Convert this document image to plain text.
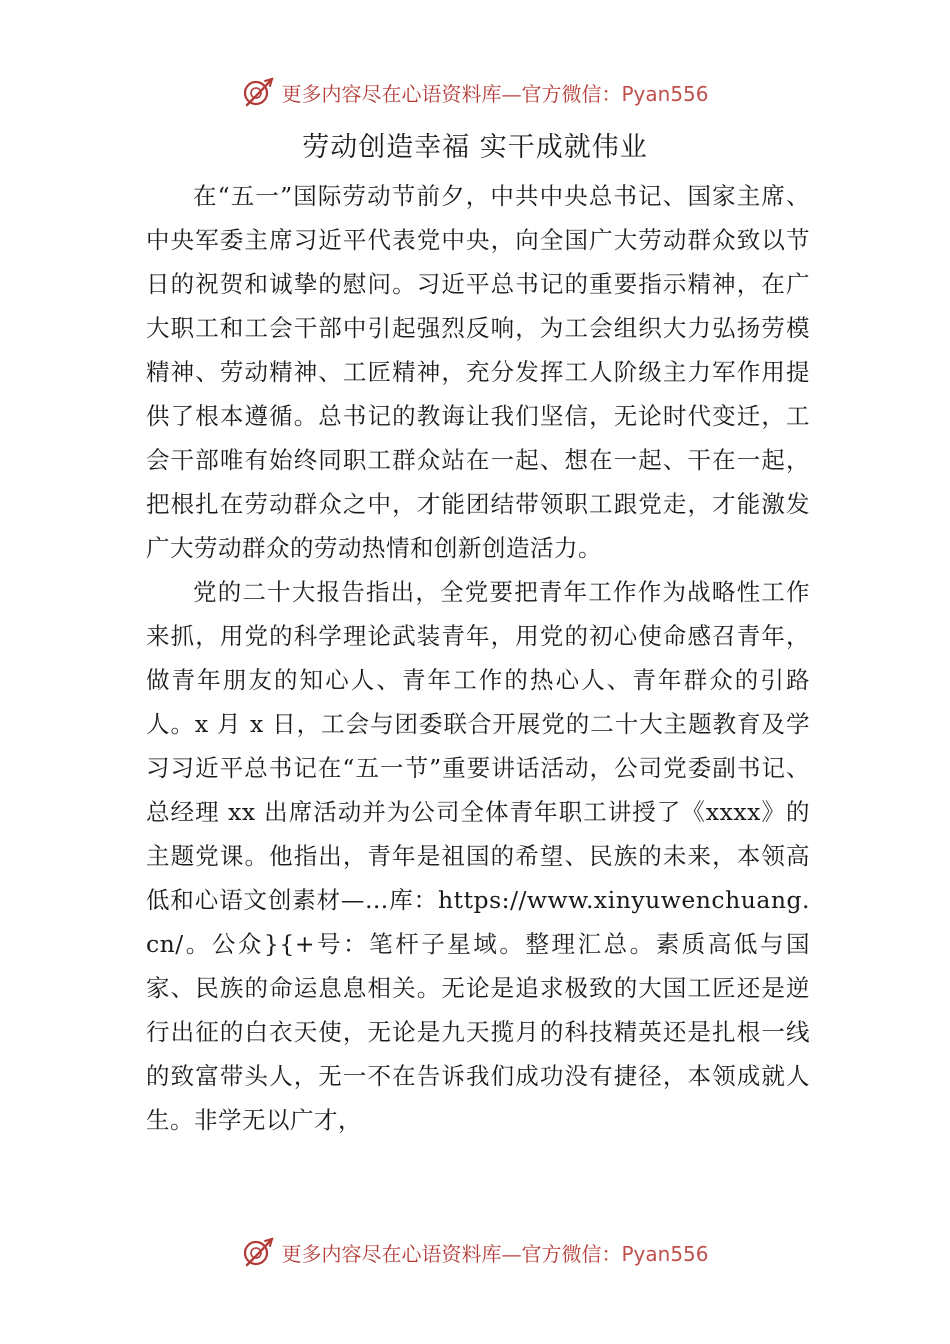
更多内容尽在心语资料库—官方微信：Pyan556
劳动创造幸福 实干成就伟业

在“五一”国际劳动节前夕，中共中央总书记、国家主席、中央军委主席习近平代表党中央，向全国广大劳动群众致以节日的祝贺和诚挚的慰问。习近平总书记的重要指示精神，在广大职工和工会干部中引起强烈反响，为工会组织大力弘扬劳模精神、劳动精神、工匠精神，充分发挥工人阶级主力军作用提供了根本遵循。总书记的教诲让我们坚信，无论时代变迁，工会干部唯有始终同职工群众站在一起、想在一起、干在一起，把根扎在劳动群众之中，才能团结带领职工跟党走，才能激发广大劳动群众的劳动热情和创新创造活力。

党的二十大报告指出，全党要把青年工作作为战略性工作来抓，用党的科学理论武装青年，用党的初心使命感召青年，做青年朋友的知心人、青年工作的热心人、青年群众的引路人。x 月 x 日，工会与团委联合开展党的二十大主题教育及学习习近平总书记在“五一节”重要讲话活动，公司党委副书记、总经理 xx 出席活动并为公司全体青年职工讲授了《xxxx》的主题党课。他指出，青年是祖国的希望、民族的未来，本领高低和心语文创素材—…库：https://www.xinyuwenchuang.cn/。公众}{+号：笔杆子星域。整理汇总。素质高低与国家、民族的命运息息相关。无论是追求极致的大国工匠还是逆行出征的白衣天使，无论是九天揽月的科技精英还是扎根一线的致富带头人，无一不在告诉我们成功没有捷径，本领成就人生。非学无以广才，

更多内容尽在心语资料库—官方微信：Pyan556
